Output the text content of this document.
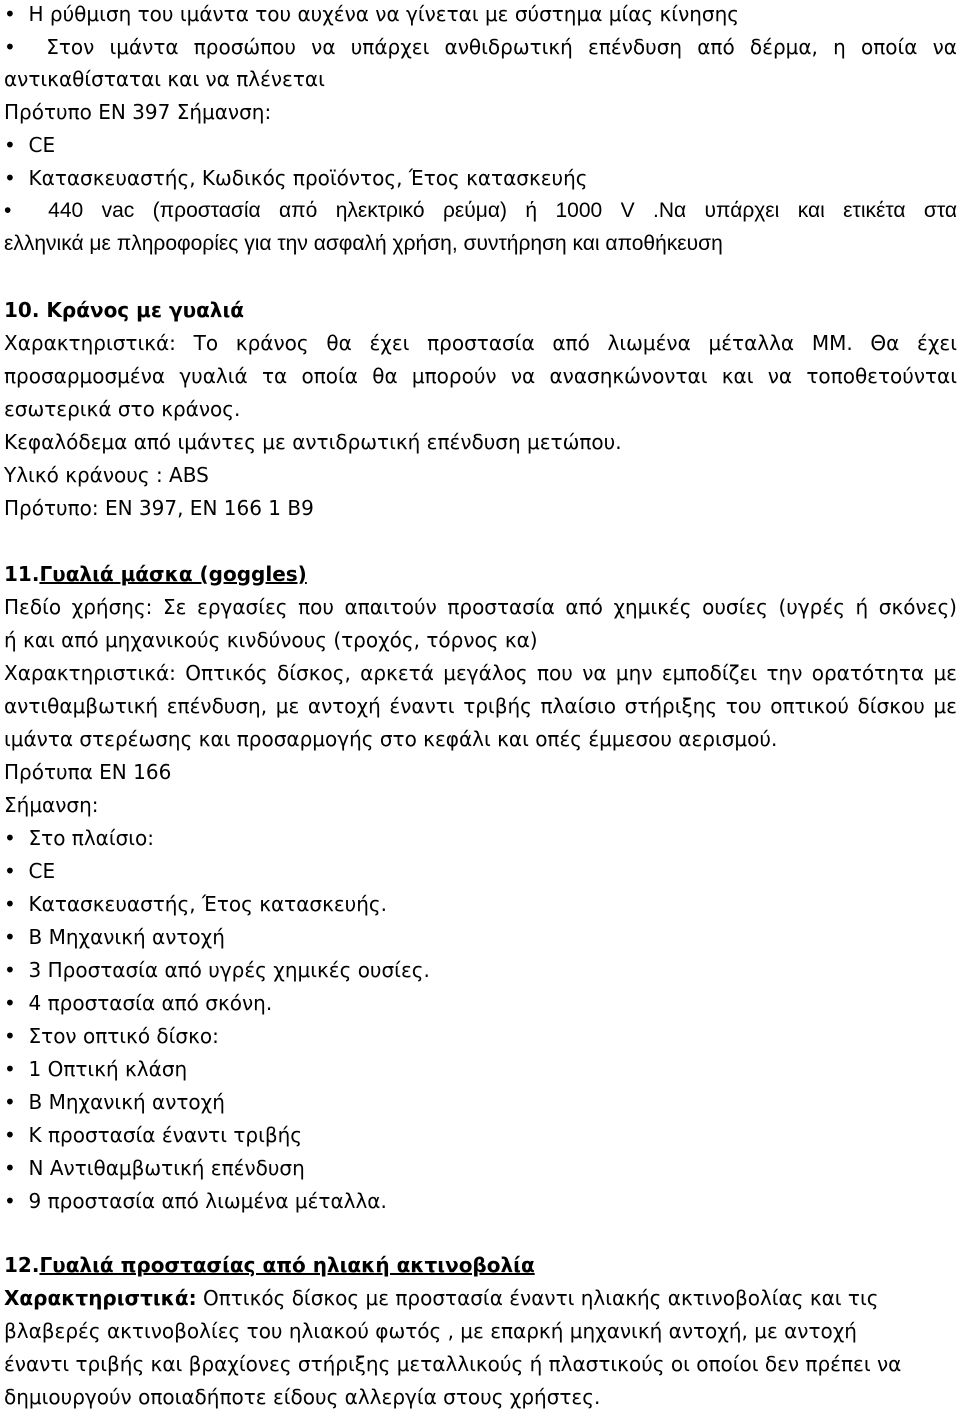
•  Η ρύθμιση του ιμάντα του αυχένα να γίνεται με σύστημα μίας κίνησης
•  Στον ιμάντα προσώπου να υπάρχει ανθιδρωτική επένδυση από δέρμα, η οποία να
αντικαθίσταται και να πλένεται
Πρότυπο ΕΝ 397 Σήμανση:
•  CE
•  Κατασκευαστής, Κωδικός προϊόντος, Έτος κατασκευής
•  440 vac (προστασία από ηλεκτρικό ρεύμα) ή 1000 V .Να υπάρχει και ετικέτα στα
ελληνικά με πληροφορίες για την ασφαλή χρήση, συντήρηση και αποθήκευση
10. Κράνος με γυαλιά
Χαρακτηριστικά: Το κράνος θα έχει προστασία από λιωμένα μέταλλα ΜΜ. Θα έχει
προσαρμοσμένα γυαλιά τα οποία θα μπορούν να ανασηκώνονται και να τοποθετούνται
εσωτερικά στο κράνος.
Κεφαλόδεμα από ιμάντες με αντιδρωτική επένδυση μετώπου.
Υλικό κράνους : ABS
Πρότυπο: ΕΝ 397, ΕΝ 166 1 Β9
11.Γυαλιά μάσκα (goggles)
Πεδίο χρήσης: Σε εργασίες που απαιτούν προστασία από χημικές ουσίες (υγρές ή σκόνες)
ή και από μηχανικούς κινδύνους (τροχός, τόρνος κα)
Χαρακτηριστικά: Οπτικός δίσκος, αρκετά μεγάλος που να μην εμποδίζει την ορατότητα με
αντιθαμβωτική επένδυση, με αντοχή έναντι τριβής πλαίσιο στήριξης του οπτικού δίσκου με
ιμάντα στερέωσης και προσαρμογής στο κεφάλι και οπές έμμεσου αερισμού.
Πρότυπα ΕΝ 166
Σήμανση:
•  Στο πλαίσιο:
•  CE
•  Κατασκευαστής, Έτος κατασκευής.
•  B Μηχανική αντοχή
•  3 Προστασία από υγρές χημικές ουσίες.
•  4 προστασία από σκόνη.
•  Στον οπτικό δίσκο:
•  1 Οπτική κλάση
•  B Μηχανική αντοχή
•  K προστασία έναντι τριβής
•  N Αντιθαμβωτική επένδυση
•  9 προστασία από λιωμένα μέταλλα.
12.Γυαλιά προστασίας από ηλιακή ακτινοβολία
Χαρακτηριστικά: Οπτικός δίσκος με προστασία έναντι ηλιακής ακτινοβολίας και τις
βλαβερές ακτινοβολίες του ηλιακού φωτός , με επαρκή μηχανική αντοχή, με αντοχή
έναντι τριβής και βραχίονες στήριξης μεταλλικούς ή πλαστικούς οι οποίοι δεν πρέπει να
δημιουργούν οποιαδήποτε είδους αλλεργία στους χρήστες.
